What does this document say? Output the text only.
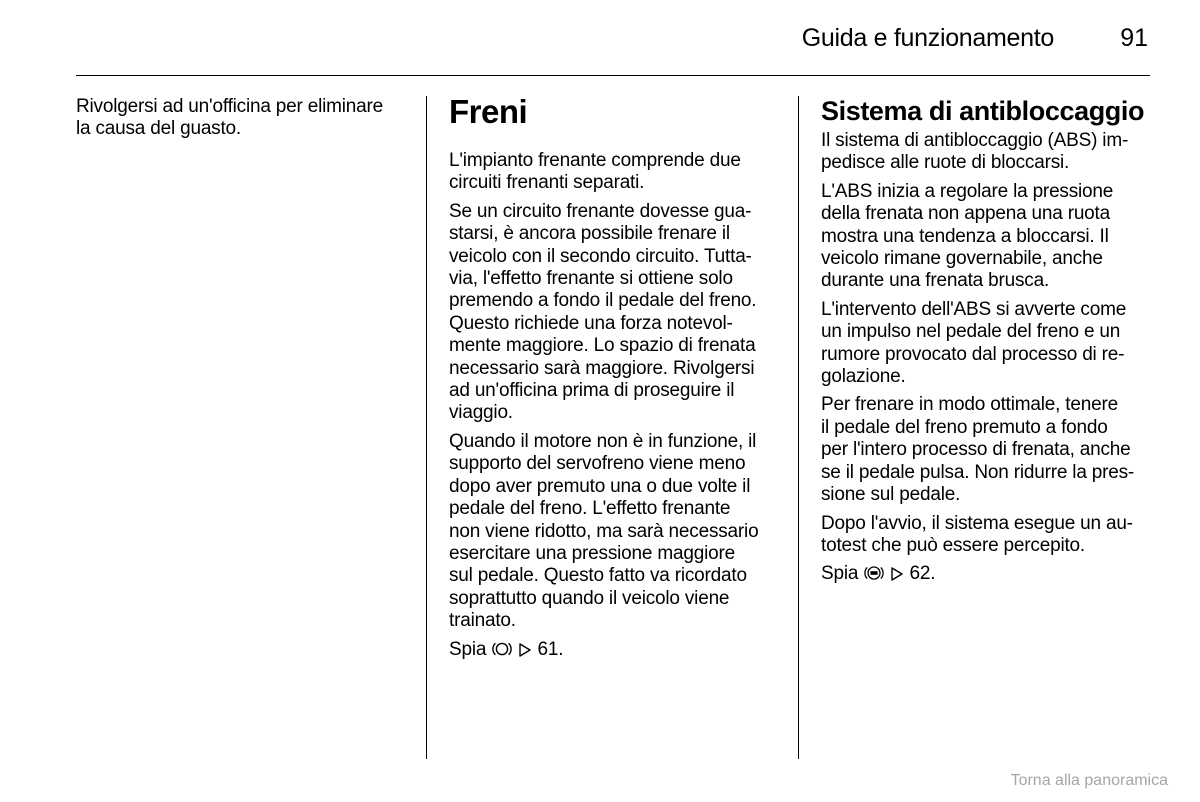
Guida e funzionamento	91
Rivolgersi ad un'officina per eliminare
la causa del guasto.	Freni
L'impianto frenante comprende due
circuiti frenanti separati.
Se un circuito frenante dovesse gua-
starsi, è ancora possibile frenare il
veicolo con il secondo circuito. Tutta-
via, l'effetto frenante si ottiene solo
premendo a fondo il pedale del freno.
Questo richiede una forza notevol-
mente maggiore. Lo spazio di frenata
necessario sarà maggiore. Rivolgersi
ad un'officina prima di proseguire il
viaggio.
Quando il motore non è in funzione, il
supporto del servofreno viene meno
dopo aver premuto una o due volte il
pedale del freno. L'effetto frenante
non viene ridotto, ma sarà necessario
esercitare una pressione maggiore
sul pedale. Questo fatto va ricordato
soprattutto quando il veicolo viene
trainato.
Spia	61.
Sistema di antibloccaggio
Il sistema di antibloccaggio (ABS) im-
pedisce alle ruote di bloccarsi.
L'ABS inizia a regolare la pressione
della frenata non appena una ruota
mostra una tendenza a bloccarsi. Il
veicolo rimane governabile, anche
durante una frenata brusca.
L'intervento dell'ABS si avverte come
un impulso nel pedale del freno e un
rumore provocato dal processo di re-
golazione.
Per frenare in modo ottimale, tenere
il pedale del freno premuto a fondo
per l'intero processo di frenata, anche
se il pedale pulsa. Non ridurre la pres-
sione sul pedale.
Dopo l'avvio, il sistema esegue un au-
totest che può essere percepito.
Spia	62.
Torna alla panoramica
